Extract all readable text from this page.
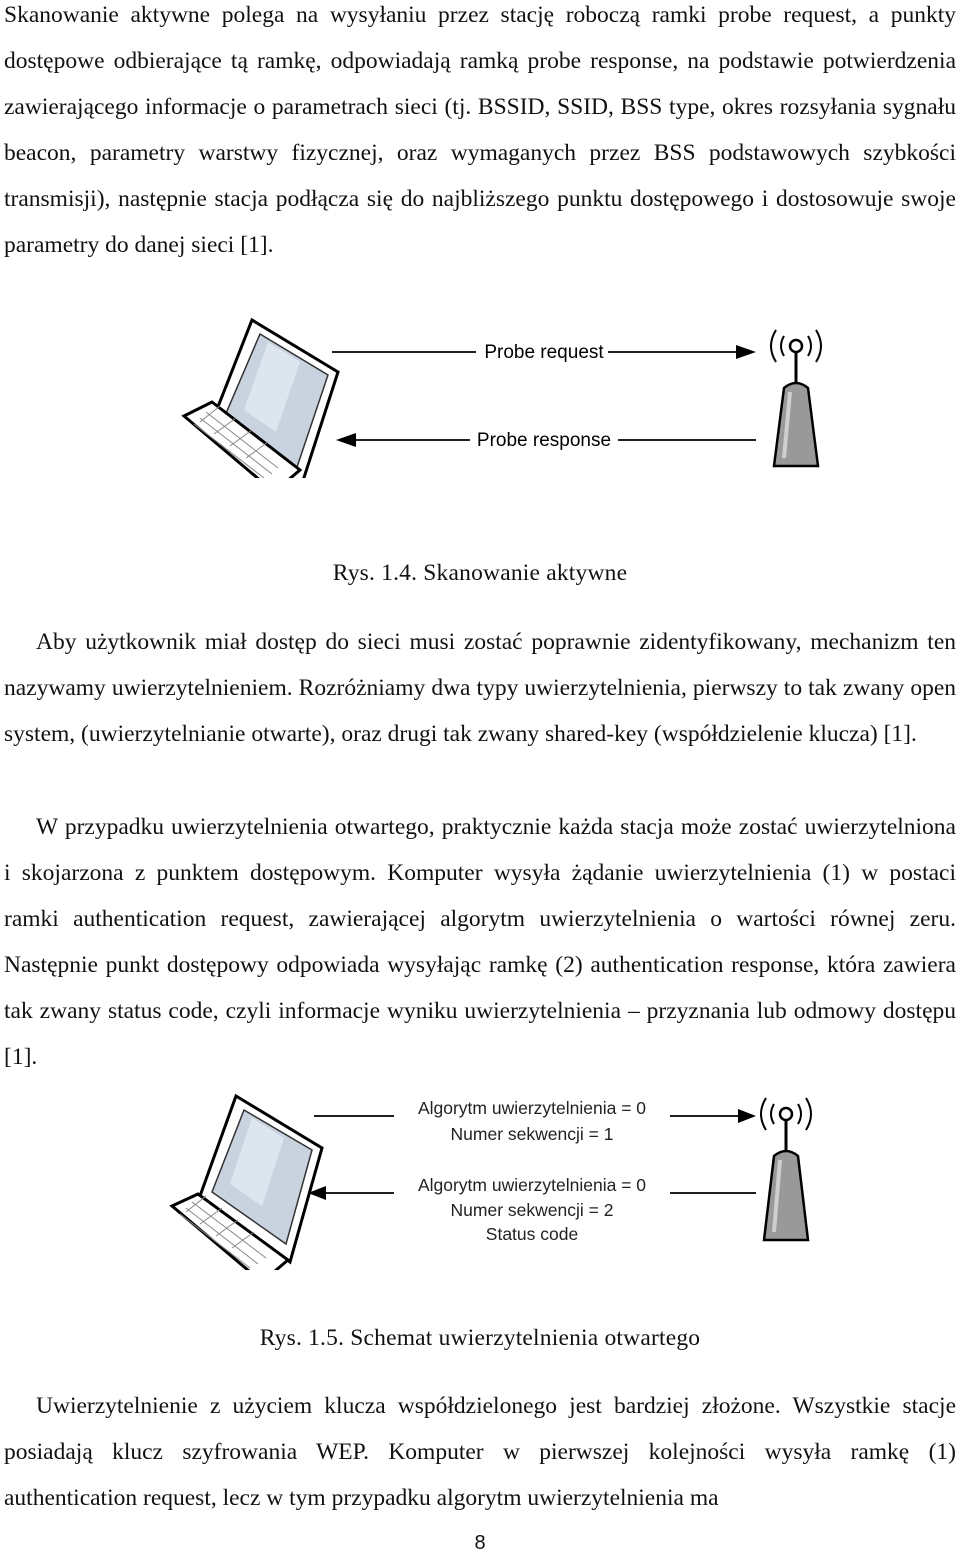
Skanowanie aktywne polega na wysyłaniu przez stację roboczą ramki probe request, a punkty dostępowe odbierające tą ramkę, odpowiadają ramką probe response, na podstawie potwierdzenia zawierającego informacje o parametrach sieci (tj. BSSID, SSID, BSS type, okres rozsyłania sygnału beacon, parametry warstwy fizycznej, oraz wymaganych przez BSS podstawowych szybkości transmisji), następnie stacja podłącza się do najbliższego punktu dostępowego i dostosowuje swoje parametry do danej sieci [1].

Probe request
Probe response
Rys. 1.4. Skanowanie aktywne

Aby użytkownik miał dostęp do sieci musi zostać poprawnie zidentyfikowany, mechanizm ten nazywamy uwierzytelnieniem. Rozróżniamy dwa typy uwierzytelnienia, pierwszy to tak zwany open system, (uwierzytelnianie otwarte), oraz drugi tak zwany shared-key (współdzielenie klucza) [1].

W przypadku uwierzytelnienia otwartego, praktycznie każda stacja może zostać uwierzytelniona i skojarzona z punktem dostępowym. Komputer wysyła żądanie uwierzytelnienia (1) w postaci ramki authentication request, zawierającej algorytm uwierzytelnienia o wartości równej zeru. Następnie punkt dostępowy odpowiada wysyłając ramkę (2) authentication response, która zawiera tak zwany status code, czyli informacje wyniku uwierzytelnienia – przyznania lub odmowy dostępu [1].

Algorytm uwierzytelnienia = 0
Numer sekwencji = 1
Algorytm uwierzytelnienia = 0
Numer sekwencji = 2
Status code
Rys. 1.5. Schemat uwierzytelnienia otwartego

Uwierzytelnienie z użyciem klucza współdzielonego jest bardziej złożone. Wszystkie stacje posiadają klucz szyfrowania WEP. Komputer w pierwszej kolejności wysyła ramkę (1) authentication request, lecz w tym przypadku algorytm uwierzytelnienia ma

8
